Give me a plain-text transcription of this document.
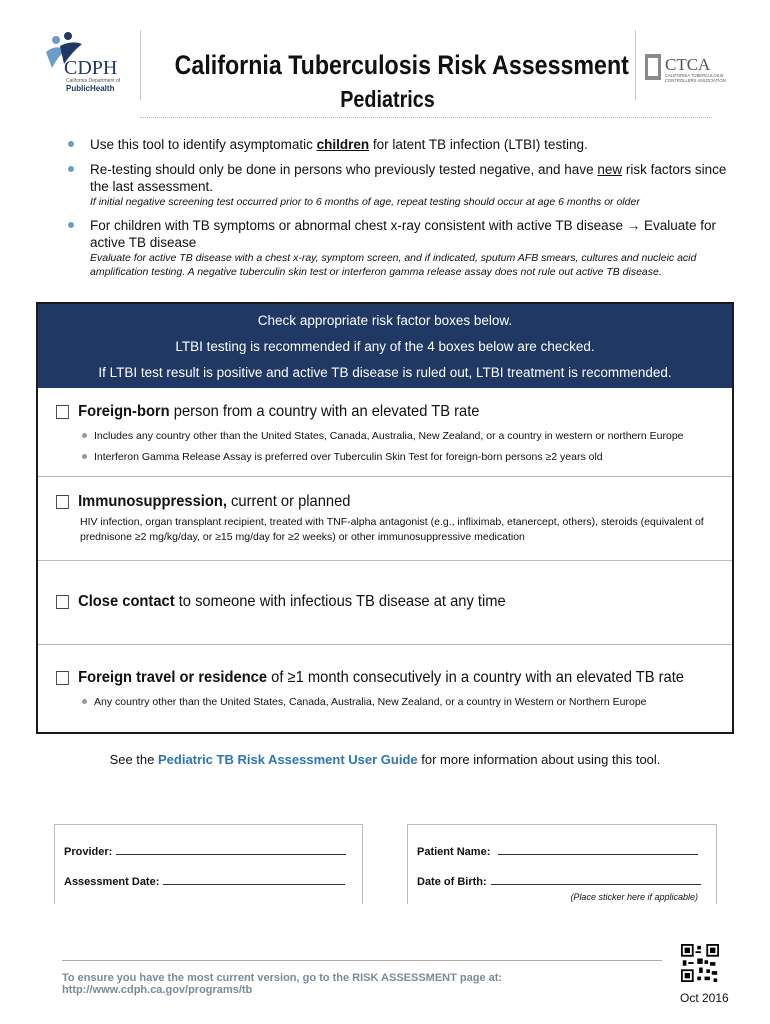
CDPH
California Department of
PublicHealth
California Tuberculosis Risk Assessment
Pediatrics
CTCA
CALIFORNIA TUBERCULOSIS
CONTROLLERS ASSOCIATION
Use this tool to identify asymptomatic children for latent TB infection (LTBI) testing.
Re-testing should only be done in persons who previously tested negative, and have new risk factors since the last assessment.
If initial negative screening test occurred prior to 6 months of age, repeat testing should occur at age 6 months or older
For children with TB symptoms or abnormal chest x-ray consistent with active TB disease → Evaluate for active TB disease
Evaluate for active TB disease with a chest x-ray, symptom screen, and if indicated, sputum AFB smears, cultures and nucleic acid amplification testing. A negative tuberculin skin test or interferon gamma release assay does not rule out active TB disease.
Check appropriate risk factor boxes below.
LTBI testing is recommended if any of the 4 boxes below are checked.
If LTBI test result is positive and active TB disease is ruled out, LTBI treatment is recommended.
Foreign-born person from a country with an elevated TB rate
Includes any country other than the United States, Canada, Australia, New Zealand, or a country in western or northern Europe
Interferon Gamma Release Assay is preferred over Tuberculin Skin Test for foreign-born persons ≥2 years old
Immunosuppression, current or planned
HIV infection, organ transplant recipient, treated with TNF-alpha antagonist (e.g., infliximab, etanercept, others), steroids (equivalent of prednisone ≥2 mg/kg/day, or ≥15 mg/day for ≥2 weeks) or other immunosuppressive medication
Close contact to someone with infectious TB disease at any time
Foreign travel or residence of ≥1 month consecutively in a country with an elevated TB rate
Any country other than the United States, Canada, Australia, New Zealand, or a country in Western or Northern Europe
See the Pediatric TB Risk Assessment User Guide for more information about using this tool.
Provider:
Assessment Date:
Patient Name:
Date of Birth:
(Place sticker here if applicable)
To ensure you have the most current version, go to the RISK ASSESSMENT page at: http://www.cdph.ca.gov/programs/tb
Oct 2016
